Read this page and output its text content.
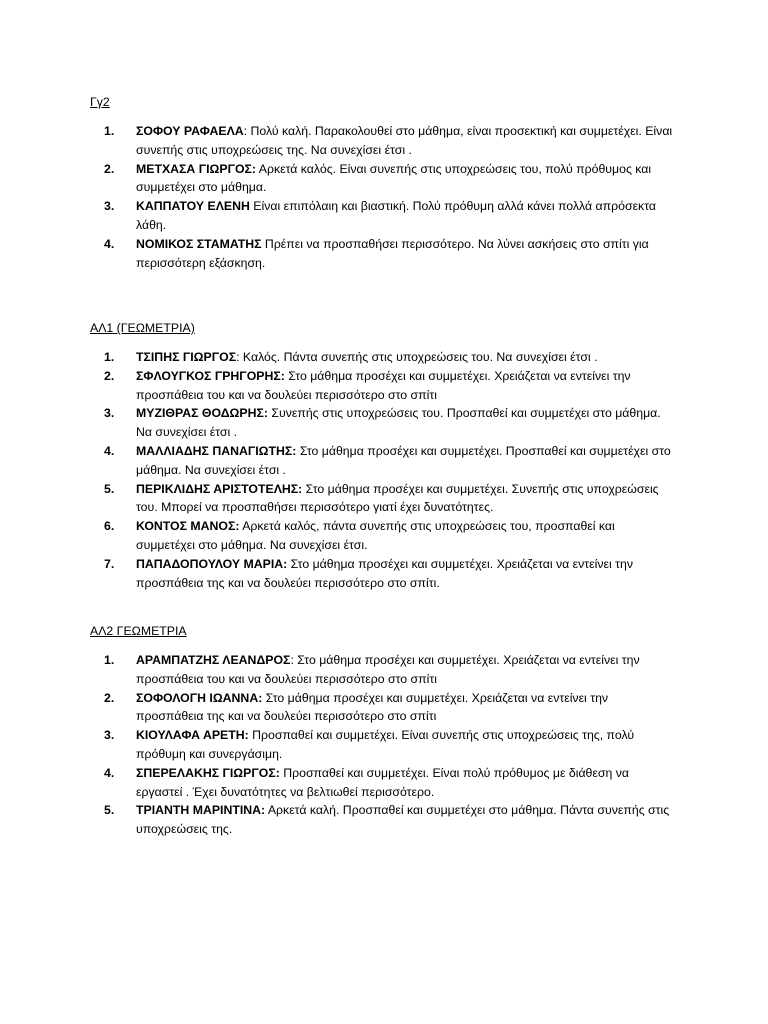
Γγ2
1.	ΣΟΦΟΥ ΡΑΦΑΕΛΑ: Πολύ καλή. Παρακολουθεί στο μάθημα, είναι προσεκτική και συμμετέχει. Είναι συνεπής στις υποχρεώσεις της. Να συνεχίσει έτσι .
2.	ΜΕΤΧΑΣΑ ΓΙΩΡΓΟΣ: Αρκετά καλός. Είναι συνεπής στις υποχρεώσεις του, πολύ πρόθυμος και συμμετέχει στο μάθημα.
3.	ΚΑΠΠΑΤΟΥ ΕΛΕΝΗ Είναι επιπόλαιη και βιαστική. Πολύ πρόθυμη αλλά κάνει πολλά απρόσεκτα λάθη.
4.	ΝΟΜΙΚΟΣ ΣΤΑΜΑΤΗΣ Πρέπει να προσπαθήσει περισσότερο. Να λύνει ασκήσεις στο σπίτι για περισσότερη εξάσκηση.
ΑΛ1 (ΓΕΩΜΕΤΡΙΑ)
1.	ΤΣΙΠΗΣ ΓΙΩΡΓΟΣ: Καλός. Πάντα συνεπής στις υποχρεώσεις του. Να συνεχίσει έτσι .
2.	ΣΦΛΟΥΓΚΟΣ ΓΡΗΓΟΡΗΣ: Στο μάθημα προσέχει και συμμετέχει. Χρειάζεται να εντείνει την προσπάθεια του και να δουλεύει περισσότερο στο σπίτι
3.	ΜΥΖΙΘΡΑΣ ΘΟΔΩΡΗΣ: Συνεπής στις υποχρεώσεις του. Προσπαθεί και συμμετέχει στο μάθημα. Να συνεχίσει έτσι .
4.	ΜΑΛΛΙΑΔΗΣ ΠΑΝΑΓΙΩΤΗΣ: Στο μάθημα προσέχει και συμμετέχει. Προσπαθεί και συμμετέχει στο μάθημα. Να συνεχίσει έτσι .
5.	ΠΕΡΙΚΛΙΔΗΣ ΑΡΙΣΤΟΤΕΛΗΣ: Στο μάθημα προσέχει και συμμετέχει. Συνεπής στις υποχρεώσεις του. Μπορεί να προσπαθήσει περισσότερο γιατί έχει δυνατότητες.
6.	ΚΟΝΤΟΣ ΜΑΝΟΣ: Αρκετά καλός, πάντα συνεπής στις υποχρεώσεις του, προσπαθεί και συμμετέχει στο μάθημα. Να συνεχίσει έτσι.
7.	ΠΑΠΑΔΟΠΟΥΛΟΥ ΜΑΡΙΑ: Στο μάθημα προσέχει και συμμετέχει. Χρειάζεται να εντείνει την προσπάθεια της και να δουλεύει περισσότερο στο σπίτι.
ΑΛ2 ΓΕΩΜΕΤΡΙΑ
1.	ΑΡΑΜΠΑΤΖΗΣ ΛΕΑΝΔΡΟΣ: Στο μάθημα προσέχει και συμμετέχει. Χρειάζεται να εντείνει την προσπάθεια του και να δουλεύει περισσότερο στο σπίτι
2.	ΣΟΦΟΛΟΓΗ ΙΩΑΝΝΑ: Στο μάθημα προσέχει και συμμετέχει. Χρειάζεται να εντείνει την προσπάθεια της και να δουλεύει περισσότερο στο σπίτι
3.	ΚΙΟΥΛΑΦΑ ΑΡΕΤΗ: Προσπαθεί και συμμετέχει. Είναι συνεπής στις υποχρεώσεις της, πολύ πρόθυμη και συνεργάσιμη.
4.	ΣΠΕΡΕΛΑΚΗΣ ΓΙΩΡΓΟΣ: Προσπαθεί και συμμετέχει. Είναι πολύ πρόθυμος με διάθεση να εργαστεί . Έχει δυνατότητες να βελτιωθεί περισσότερο.
5.	ΤΡΙΑΝΤΗ ΜΑΡΙΝΤΙΝΑ: Αρκετά καλή. Προσπαθεί και συμμετέχει στο μάθημα. Πάντα συνεπής στις υποχρεώσεις της.
